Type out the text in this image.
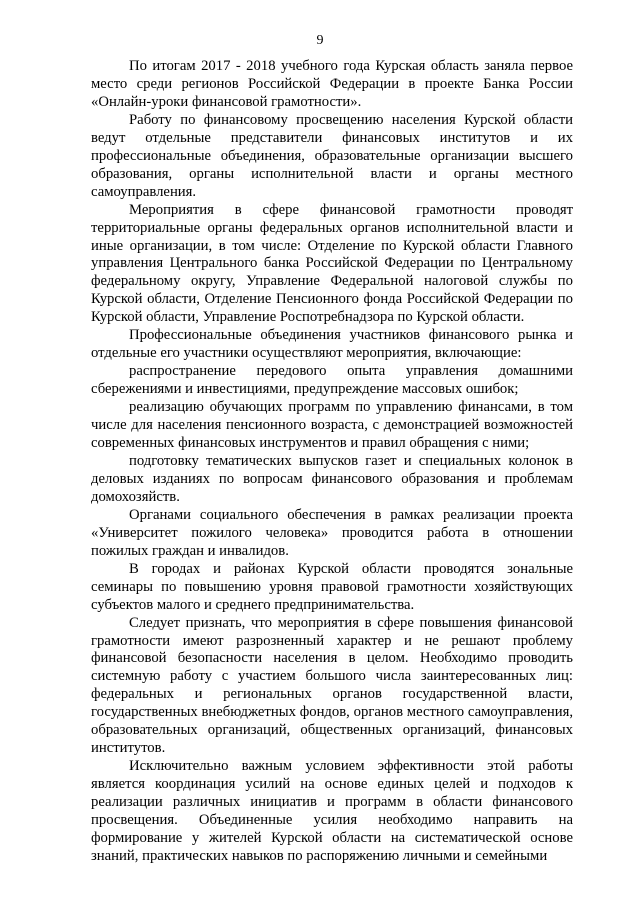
9

По итогам 2017 - 2018 учебного года Курская область заняла первое место среди регионов Российской Федерации в проекте Банка России «Онлайн-уроки финансовой грамотности».

Работу по финансовому просвещению населения Курской области ведут отдельные представители финансовых институтов и их профессиональные объединения, образовательные организации высшего образования, органы исполнительной власти и органы местного самоуправления.

Мероприятия в сфере финансовой грамотности проводят территориальные органы федеральных органов исполнительной власти и иные организации, в том числе: Отделение по Курской области Главного управления Центрального банка Российской Федерации по Центральному федеральному округу, Управление Федеральной налоговой службы по Курской области, Отделение Пенсионного фонда Российской Федерации по Курской области, Управление Роспотребнадзора по Курской области.

Профессиональные объединения участников финансового рынка и отдельные его участники осуществляют мероприятия, включающие:

распространение передового опыта управления домашними сбережениями и инвестициями, предупреждение массовых ошибок;

реализацию обучающих программ по управлению финансами, в том числе для населения пенсионного возраста, с демонстрацией возможностей современных финансовых инструментов и правил обращения с ними;

подготовку тематических выпусков газет и специальных колонок в деловых изданиях по вопросам финансового образования и проблемам домохозяйств.

Органами социального обеспечения в рамках реализации проекта «Университет пожилого человека» проводится работа в отношении пожилых граждан и инвалидов.

В городах и районах Курской области проводятся зональные семинары по повышению уровня правовой грамотности хозяйствующих субъектов малого и среднего предпринимательства.

Следует признать, что мероприятия в сфере повышения финансовой грамотности имеют разрозненный характер и не решают проблему финансовой безопасности населения в целом. Необходимо проводить системную работу с участием большого числа заинтересованных лиц: федеральных и региональных органов государственной власти, государственных внебюджетных фондов, органов местного самоуправления, образовательных организаций, общественных организаций, финансовых институтов.

Исключительно важным условием эффективности этой работы является координация усилий на основе единых целей и подходов к реализации различных инициатив и программ в области финансового просвещения. Объединенные усилия необходимо направить на формирование у жителей Курской области на систематической основе знаний, практических навыков по распоряжению личными и семейными
